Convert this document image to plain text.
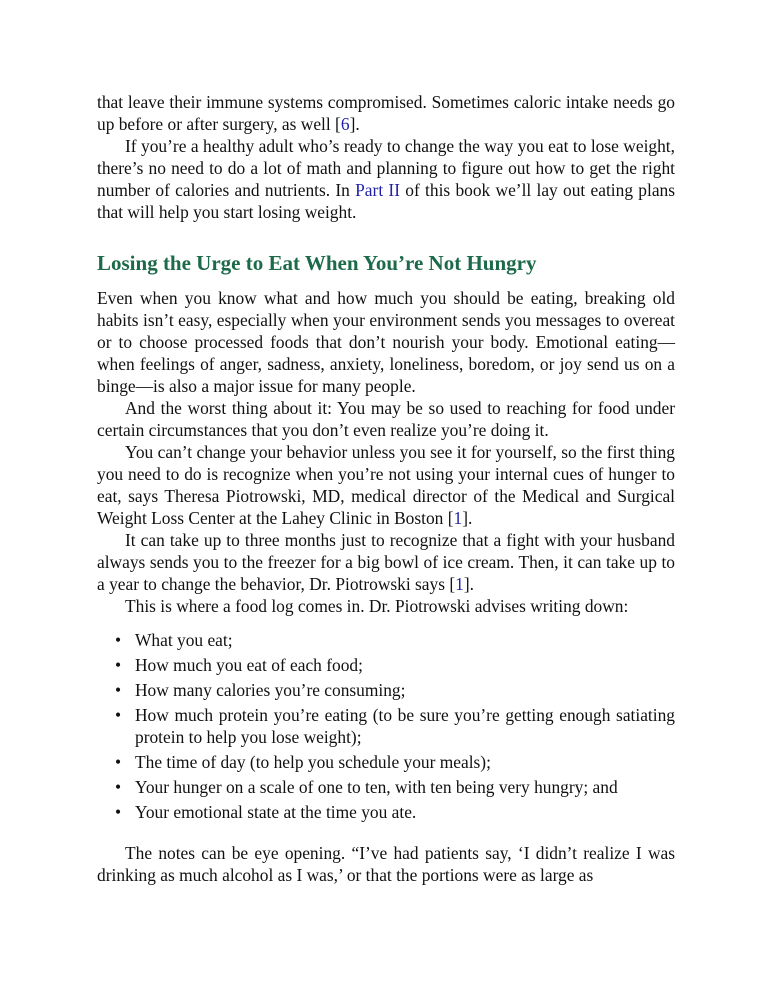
that leave their immune systems compromised. Sometimes caloric intake needs go up before or after surgery, as well [6].

If you’re a healthy adult who’s ready to change the way you eat to lose weight, there’s no need to do a lot of math and planning to figure out how to get the right number of calories and nutrients. In Part II of this book we’ll lay out eating plans that will help you start losing weight.

Losing the Urge to Eat When You’re Not Hungry

Even when you know what and how much you should be eating, breaking old habits isn’t easy, especially when your environment sends you messages to overeat or to choose processed foods that don’t nourish your body. Emotional eating—when feelings of anger, sadness, anxiety, loneliness, boredom, or joy send us on a binge—is also a major issue for many people.

And the worst thing about it: You may be so used to reaching for food under certain circumstances that you don’t even realize you’re doing it.

You can’t change your behavior unless you see it for yourself, so the first thing you need to do is recognize when you’re not using your internal cues of hunger to eat, says Theresa Piotrowski, MD, medical director of the Medical and Surgical Weight Loss Center at the Lahey Clinic in Boston [1].

It can take up to three months just to recognize that a fight with your husband always sends you to the freezer for a big bowl of ice cream. Then, it can take up to a year to change the behavior, Dr. Piotrowski says [1].

This is where a food log comes in. Dr. Piotrowski advises writing down:

• What you eat;
• How much you eat of each food;
• How many calories you’re consuming;
• How much protein you’re eating (to be sure you’re getting enough satiating protein to help you lose weight);
• The time of day (to help you schedule your meals);
• Your hunger on a scale of one to ten, with ten being very hungry; and
• Your emotional state at the time you ate.

The notes can be eye opening. “I’ve had patients say, ‘I didn’t realize I was drinking as much alcohol as I was,’ or that the portions were as large as
